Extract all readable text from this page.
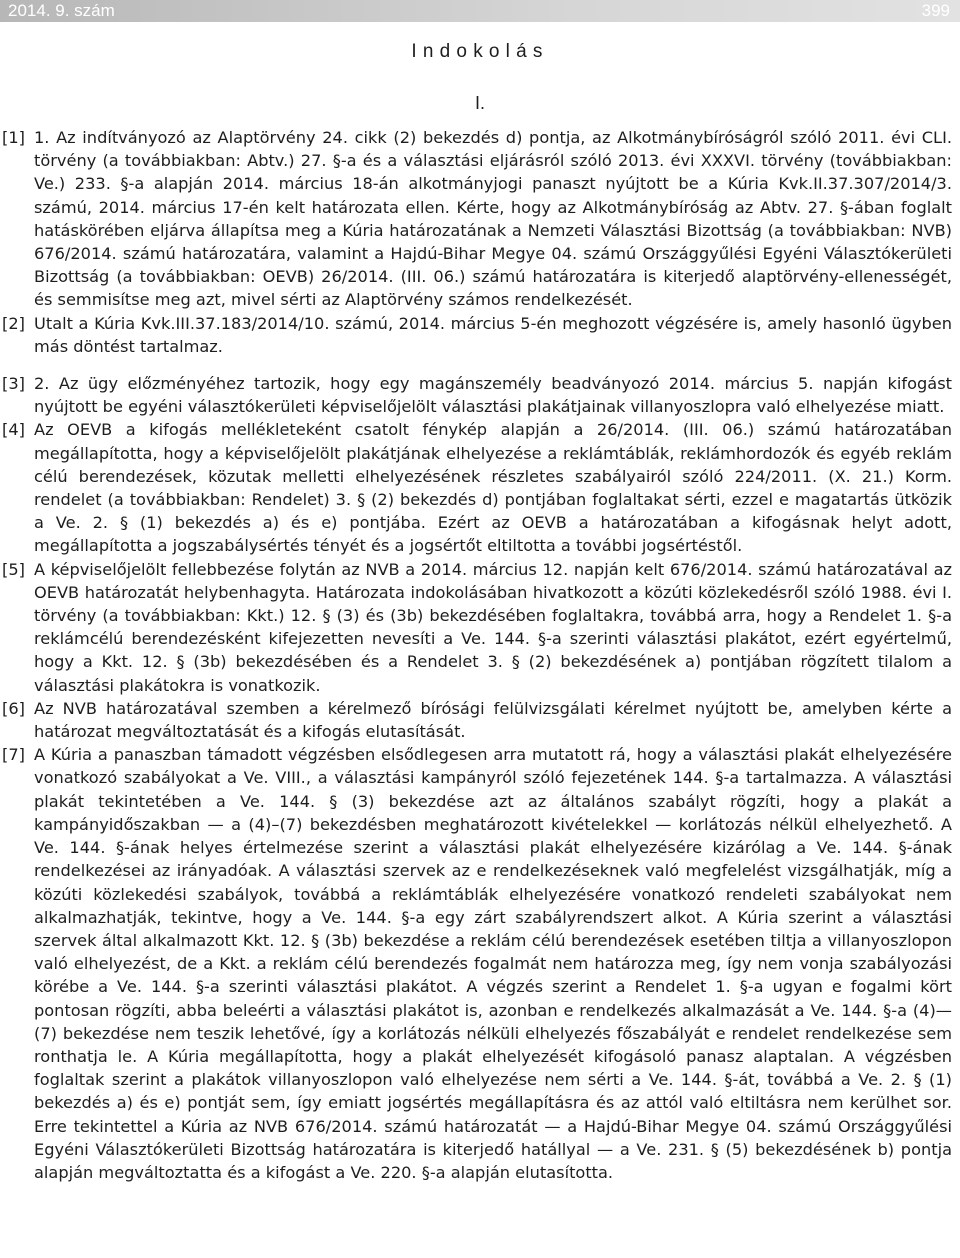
2014. 9. szám	399
Indokolás
I.
[1] 1. Az indítványozó az Alaptörvény 24. cikk (2) bekezdés d) pontja, az Alkotmánybíróságról szóló 2011. évi CLI. törvény (a továbbiakban: Abtv.) 27. §-a és a választási eljárásról szóló 2013. évi XXXVI. törvény (továbbiakban: Ve.) 233. §-a alapján 2014. március 18-án alkotmányjogi panaszt nyújtott be a Kúria Kvk.II.37.307/2014/3. számú, 2014. március 17-én kelt határozata ellen. Kérte, hogy az Alkotmánybíróság az Abtv. 27. §-ában foglalt hatáskörében eljárva állapítsa meg a Kúria határozatának a Nemzeti Választási Bizottság (a továbbiakban: NVB) 676/2014. számú határozatára, valamint a Hajdú-Bihar Megye 04. számú Országgyűlési Egyéni Választókerületi Bizottság (a továbbiakban: OEVB) 26/2014. (III. 06.) számú határozatára is kiterjedő alaptörvény-ellenességét, és semmisítse meg azt, mivel sérti az Alaptörvény számos rendelkezését.
[2] Utalt a Kúria Kvk.III.37.183/2014/10. számú, 2014. március 5-én meghozott végzésére is, amely hasonló ügyben más döntést tartalmaz.
[3] 2. Az ügy előzményéhez tartozik, hogy egy magánszemély beadványozó 2014. március 5. napján kifogást nyújtott be egyéni választókerületi képviselőjelölt választási plakátjainak villanyoszlopra való elhelyezése miatt.
[4] Az OEVB a kifogás mellékleteként csatolt fénykép alapján a 26/2014. (III. 06.) számú határozatában megállapította, hogy a képviselőjelölt plakátjának elhelyezése a reklámtáblák, reklámhordozók és egyéb reklám célú berendezések, közutak melletti elhelyezésének részletes szabályairól szóló 224/2011. (X. 21.) Korm. rendelet (a továbbiakban: Rendelet) 3. § (2) bekezdés d) pontjában foglaltakat sérti, ezzel e magatartás ütközik a Ve. 2. § (1) bekezdés a) és e) pontjába. Ezért az OEVB a határozatában a kifogásnak helyt adott, megállapította a jogszabálysértés tényét és a jogsértőt eltiltotta a további jogsértéstől.
[5] A képviselőjelölt fellebbezése folytán az NVB a 2014. március 12. napján kelt 676/2014. számú határozatával az OEVB határozatát helybenhagyta. Határozata indokolásában hivatkozott a közúti közlekedésről szóló 1988. évi I. törvény (a továbbiakban: Kkt.) 12. § (3) és (3b) bekezdésében foglaltakra, továbbá arra, hogy a Rendelet 1. §-a reklámcélú berendezésként kifejezetten nevesíti a Ve. 144. §-a szerinti választási plakátot, ezért egyértelmű, hogy a Kkt. 12. § (3b) bekezdésében és a Rendelet 3. § (2) bekezdésének a) pontjában rögzített tilalom a választási plakátokra is vonatkozik.
[6] Az NVB határozatával szemben a kérelmező bírósági felülvizsgálati kérelmet nyújtott be, amelyben kérte a határozat megváltoztatását és a kifogás elutasítását.
[7] A Kúria a panaszban támadott végzésben elsődlegesen arra mutatott rá, hogy a választási plakát elhelyezésére vonatkozó szabályokat a Ve. VIII., a választási kampányról szóló fejezetének 144. §-a tartalmazza. A választási plakát tekintetében a Ve. 144. § (3) bekezdése azt az általános szabályt rögzíti, hogy a plakát a kampányidőszakban — a (4)–(7) bekezdésben meghatározott kivételekkel — korlátozás nélkül elhelyezhető. A Ve. 144. §-ának helyes értelmezése szerint a választási plakát elhelyezésére kizárólag a Ve. 144. §-ának rendelkezései az irányadóak. A választási szervek az e rendelkezéseknek való megfelelést vizsgálhatják, míg a közúti közlekedési szabályok, továbbá a reklámtáblák elhelyezésére vonatkozó rendeleti szabályokat nem alkalmazhatják, tekintve, hogy a Ve. 144. §-a egy zárt szabályrendszert alkot. A Kúria szerint a választási szervek által alkalmazott Kkt. 12. § (3b) bekezdése a reklám célú berendezések esetében tiltja a villanyoszlopon való elhelyezést, de a Kkt. a reklám célú berendezés fogalmát nem határozza meg, így nem vonja szabályozási körébe a Ve. 144. §-a szerinti választási plakátot. A végzés szerint a Rendelet 1. §-a ugyan e fogalmi kört pontosan rögzíti, abba beleérti a választási plakátot is, azonban e rendelkezés alkalmazását a Ve. 144. §-a (4)—(7) bekezdése nem teszik lehetővé, így a korlátozás nélküli elhelyezés főszabályát e rendelet rendelkezése sem ronthatja le. A Kúria megállapította, hogy a plakát elhelyezését kifogásoló panasz alaptalan. A végzésben foglaltak szerint a plakátok villanyoszlopon való elhelyezése nem sérti a Ve. 144. §-át, továbbá a Ve. 2. § (1) bekezdés a) és e) pontját sem, így emiatt jogsértés megállapításra és az attól való eltiltásra nem kerülhet sor. Erre tekintettel a Kúria az NVB 676/2014. számú határozatát — a Hajdú-Bihar Megye 04. számú Országgyűlési Egyéni Választókerületi Bizottság határozatára is kiterjedő hatállyal — a Ve. 231. § (5) bekezdésének b) pontja alapján megváltoztatta és a kifogást a Ve. 220. §-a alapján elutasította.
